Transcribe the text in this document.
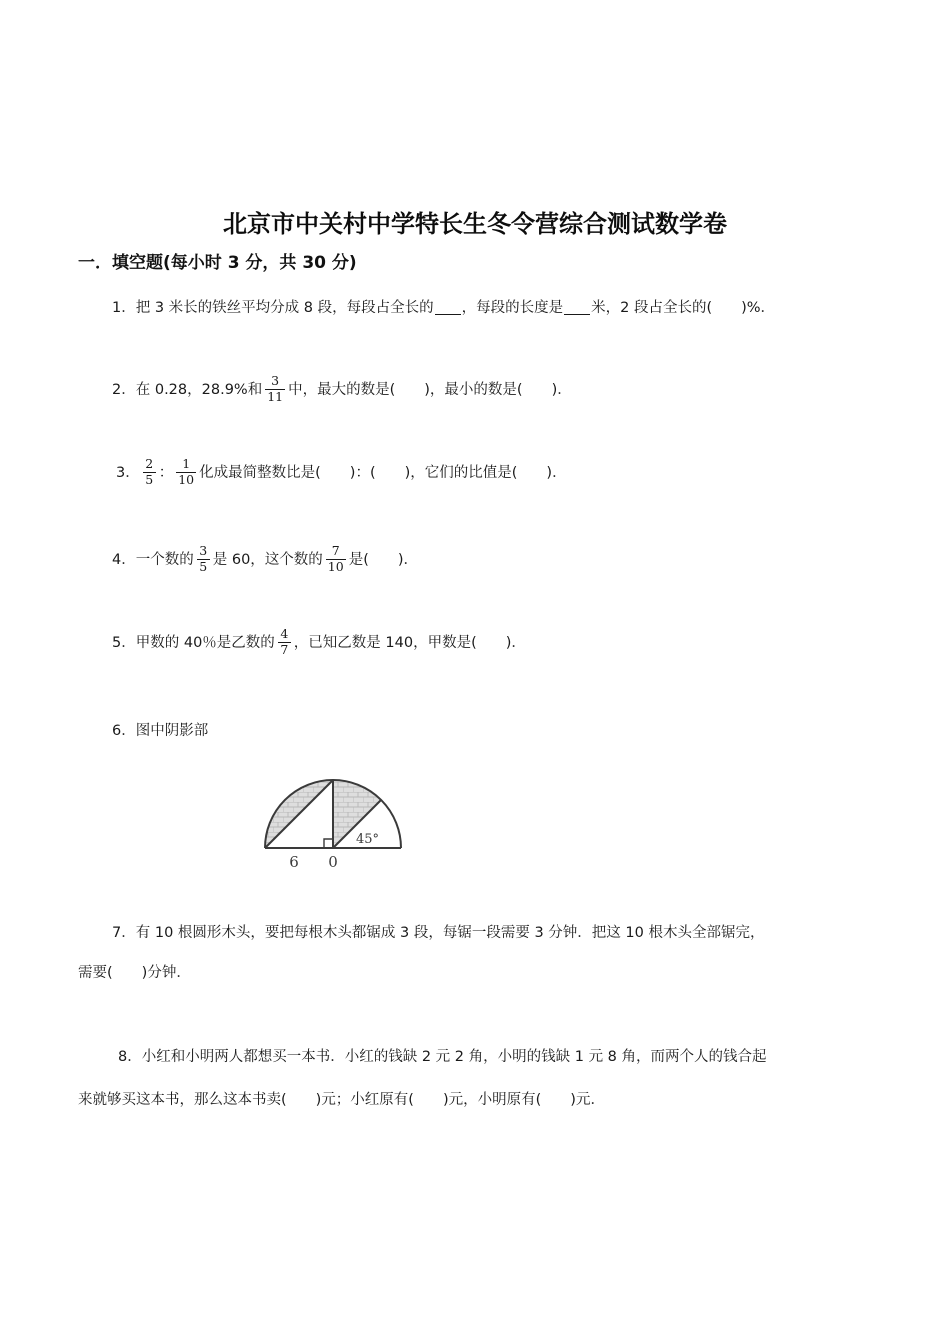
北京市中关村中学特长生冬令营综合测试数学卷
一．填空题(每小时 3 分，共 30 分)
1． 把 3 米长的铁丝平均分成 8 段，每段占全长的 ，每段的长度是 米，2 段占全长的(　　)%．
2． 在 0.28，28.9%和 $\frac{3}{11}$ 中，最大的数是(　　)，最小的数是(　　)．
3． $\frac{2}{5}$ ： $\frac{1}{10}$ 化成最简整数比是(　　)：(　　)，它们的比值是(　　)．
4． 一个数的 $\frac{3}{5}$ 是 60，这个数的 $\frac{7}{10}$ 是(　　)．
5． 甲数的 40％是乙数的 $\frac{4}{7}$ ，已知乙数是 140，甲数是(　　)．
6． 图中阴影部
6 0
45°
7． 有 10 根圆形木头，要把每根木头都锯成 3 段，每锯一段需要 3 分钟．把这 10 根木头全部锯完，
需要(　　)分钟．
8． 小红和小明两人都想买一本书．小红的钱缺 2 元 2 角，小明的钱缺 1 元 8 角，而两个人的钱合起
来就够买这本书，那么这本书卖(　　)元；小红原有(　　)元，小明原有(　　)元．
